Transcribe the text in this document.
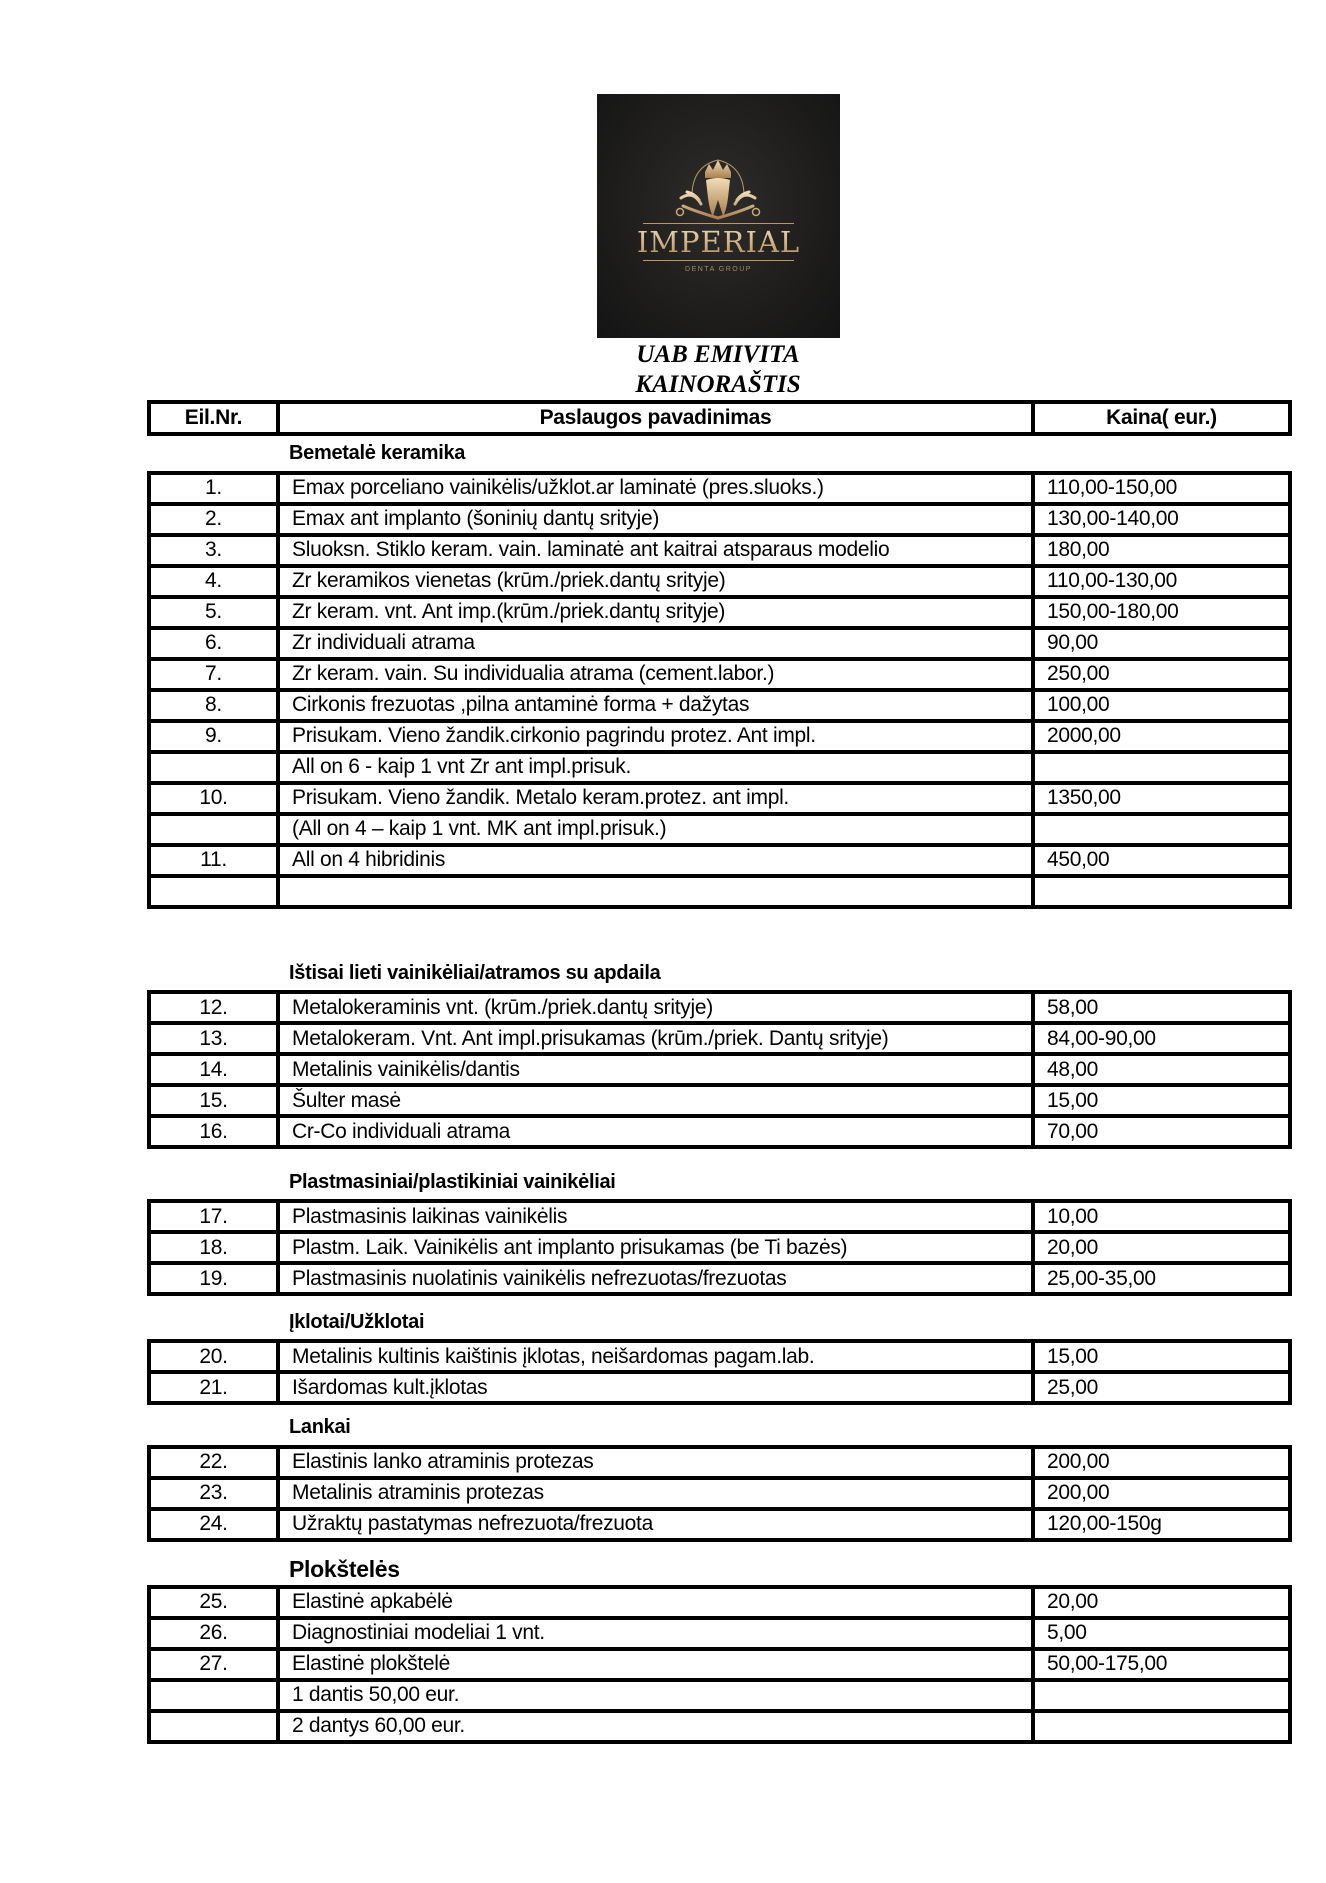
IMPERIAL
DENTA GROUP
UAB EMIVITA
KAINORAŠTIS
Eil.Nr.	Paslaugos pavadinimas	Kaina( eur.)
Bemetalė keramika
1.	Emax porceliano vainikėlis/užklot.ar laminatė (pres.sluoks.)	110,00-150,00
2.	Emax ant implanto (šoninių dantų srityje)	130,00-140,00
3.	Sluoksn. Stiklo keram. vain. laminatė ant kaitrai atsparaus modelio	180,00
4.	Zr keramikos vienetas (krūm./priek.dantų srityje)	110,00-130,00
5.	Zr keram. vnt. Ant imp.(krūm./priek.dantų srityje)	150,00-180,00
6.	Zr individuali atrama	90,00
7.	Zr keram. vain. Su individualia atrama (cement.labor.)	250,00
8.	Cirkonis frezuotas ,pilna antaminė forma + dažytas	100,00
9.	Prisukam. Vieno žandik.cirkonio pagrindu protez. Ant impl.	2000,00
	All on 6 - kaip 1 vnt Zr ant impl.prisuk.	
10.	Prisukam. Vieno žandik. Metalo keram.protez. ant impl.	1350,00
	(All on 4 – kaip 1 vnt. MK ant impl.prisuk.)	
11.	All on 4 hibridinis	450,00

Ištisai lieti vainikėliai/atramos su apdaila
12.	Metalokeraminis vnt. (krūm./priek.dantų srityje)	58,00
13.	Metalokeram. Vnt. Ant impl.prisukamas (krūm./priek. Dantų srityje)	84,00-90,00
14.	Metalinis vainikėlis/dantis	48,00
15.	Šulter masė	15,00
16.	Cr-Co individuali atrama	70,00
Plastmasiniai/plastikiniai vainikėliai
17.	Plastmasinis laikinas vainikėlis	10,00
18.	Plastm. Laik. Vainikėlis ant implanto prisukamas (be Ti bazės)	20,00
19.	Plastmasinis nuolatinis vainikėlis nefrezuotas/frezuotas	25,00-35,00
Įklotai/Užklotai
20.	Metalinis kultinis kaištinis įklotas, neišardomas pagam.lab.	15,00
21.	Išardomas kult.įklotas	25,00
Lankai
22.	Elastinis lanko atraminis protezas	200,00
23.	Metalinis atraminis protezas	200,00
24.	Užraktų pastatymas nefrezuota/frezuota	120,00-150g
Plokštelės
25.	Elastinė apkabėlė	20,00
26.	Diagnostiniai modeliai 1 vnt.	5,00
27.	Elastinė plokštelė	50,00-175,00
	1 dantis 50,00 eur.	
	2 dantys 60,00 eur.	
